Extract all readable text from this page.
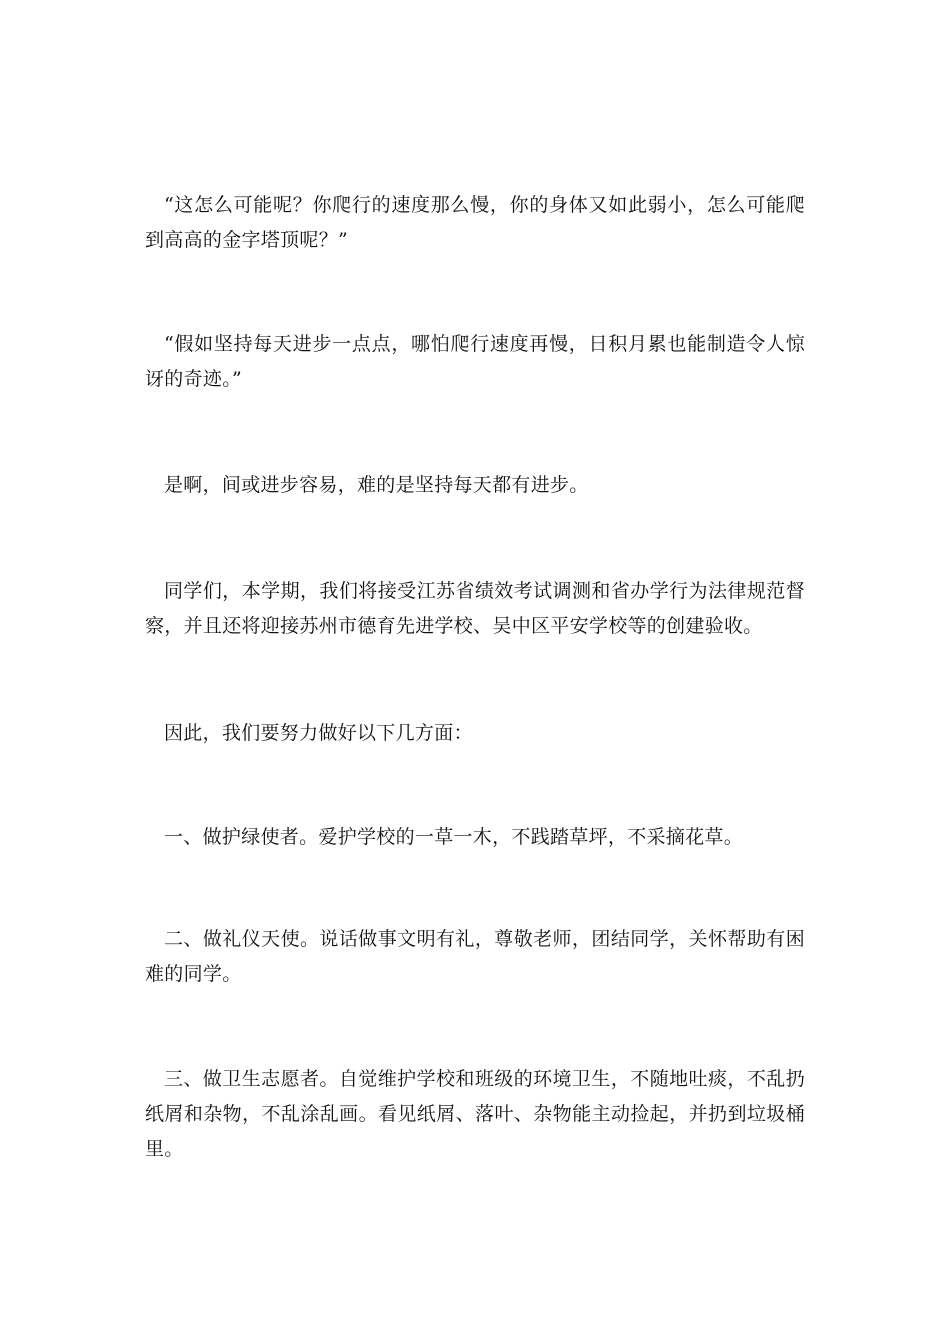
“这怎么可能呢？你爬行的速度那么慢，你的身体又如此弱小，怎么可能爬到高高的金字塔顶呢？”

“假如坚持每天进步一点点，哪怕爬行速度再慢，日积月累也能制造令人惊讶的奇迹。”

是啊，间或进步容易，难的是坚持每天都有进步。

同学们，本学期，我们将接受江苏省绩效考试调测和省办学行为法律规范督察，并且还将迎接苏州市德育先进学校、吴中区平安学校等的创建验收。

因此，我们要努力做好以下几方面：

一、做护绿使者。爱护学校的一草一木，不践踏草坪，不采摘花草。

二、做礼仪天使。说话做事文明有礼，尊敬老师，团结同学，关怀帮助有困难的同学。

三、做卫生志愿者。自觉维护学校和班级的环境卫生，不随地吐痰，不乱扔纸屑和杂物，不乱涂乱画。看见纸屑、落叶、杂物能主动捡起，并扔到垃圾桶里。
